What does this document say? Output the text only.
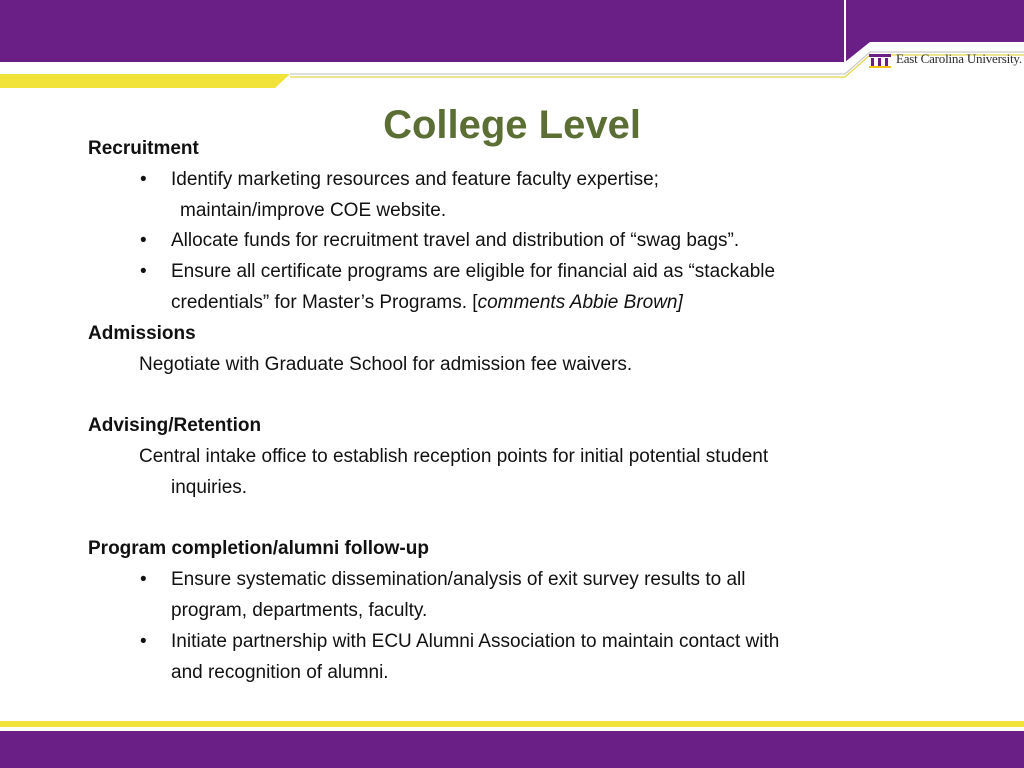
East Carolina University.
College Level
Recruitment
• Identify marketing resources and feature faculty expertise;
maintain/improve COE website.
• Allocate funds for recruitment travel and distribution of “swag bags”.
• Ensure all certificate programs are eligible for financial aid as “stackable
credentials” for Master’s Programs. [comments Abbie Brown]
Admissions
Negotiate with Graduate School for admission fee waivers.
Advising/Retention
Central intake office to establish reception points for initial potential student
inquiries.
Program completion/alumni follow-up
• Ensure systematic dissemination/analysis of exit survey results to all
program, departments, faculty.
• Initiate partnership with ECU Alumni Association to maintain contact with
and recognition of alumni.
